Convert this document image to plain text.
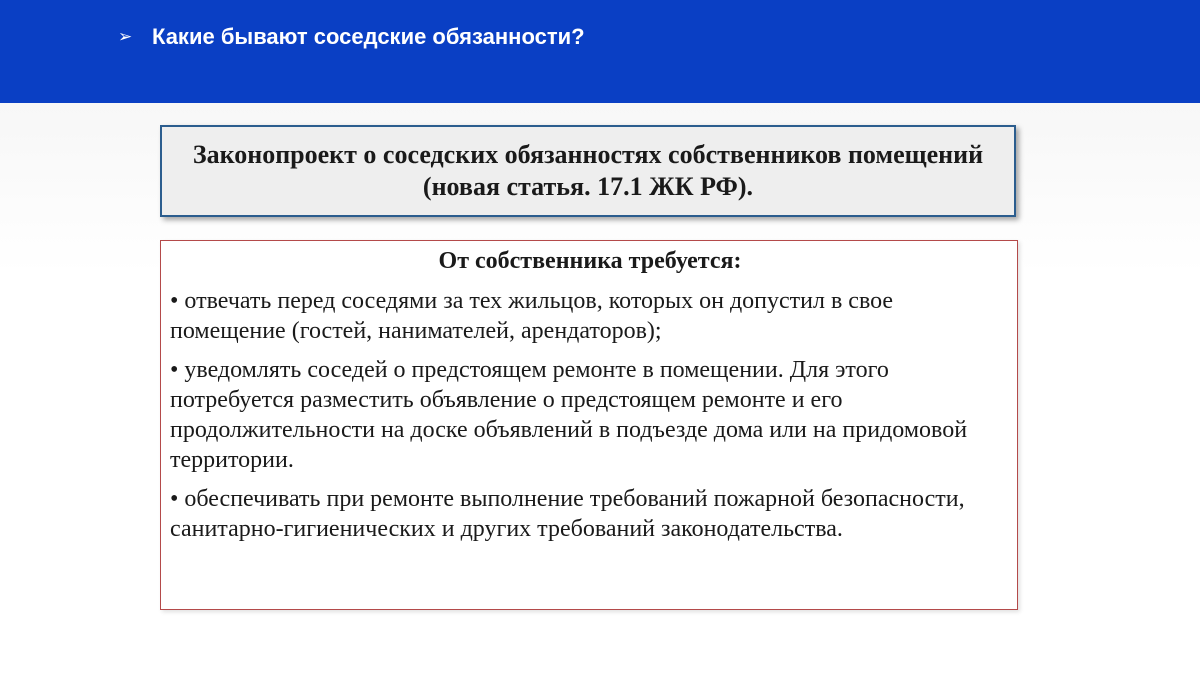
➢ Какие бывают соседские обязанности?
Законопроект о соседских обязанностях собственников помещений (новая статья. 17.1 ЖК РФ).
От собственника требуется:
• отвечать перед соседями за тех жильцов, которых он допустил в свое помещение (гостей, нанимателей, арендаторов);
• уведомлять соседей о предстоящем ремонте в помещении. Для этого потребуется разместить объявление о предстоящем ремонте и его продолжительности на доске объявлений в подъезде дома или на придомовой территории.
• обеспечивать при ремонте выполнение требований пожарной безопасности, санитарно-гигиенических и других требований законодательства.
